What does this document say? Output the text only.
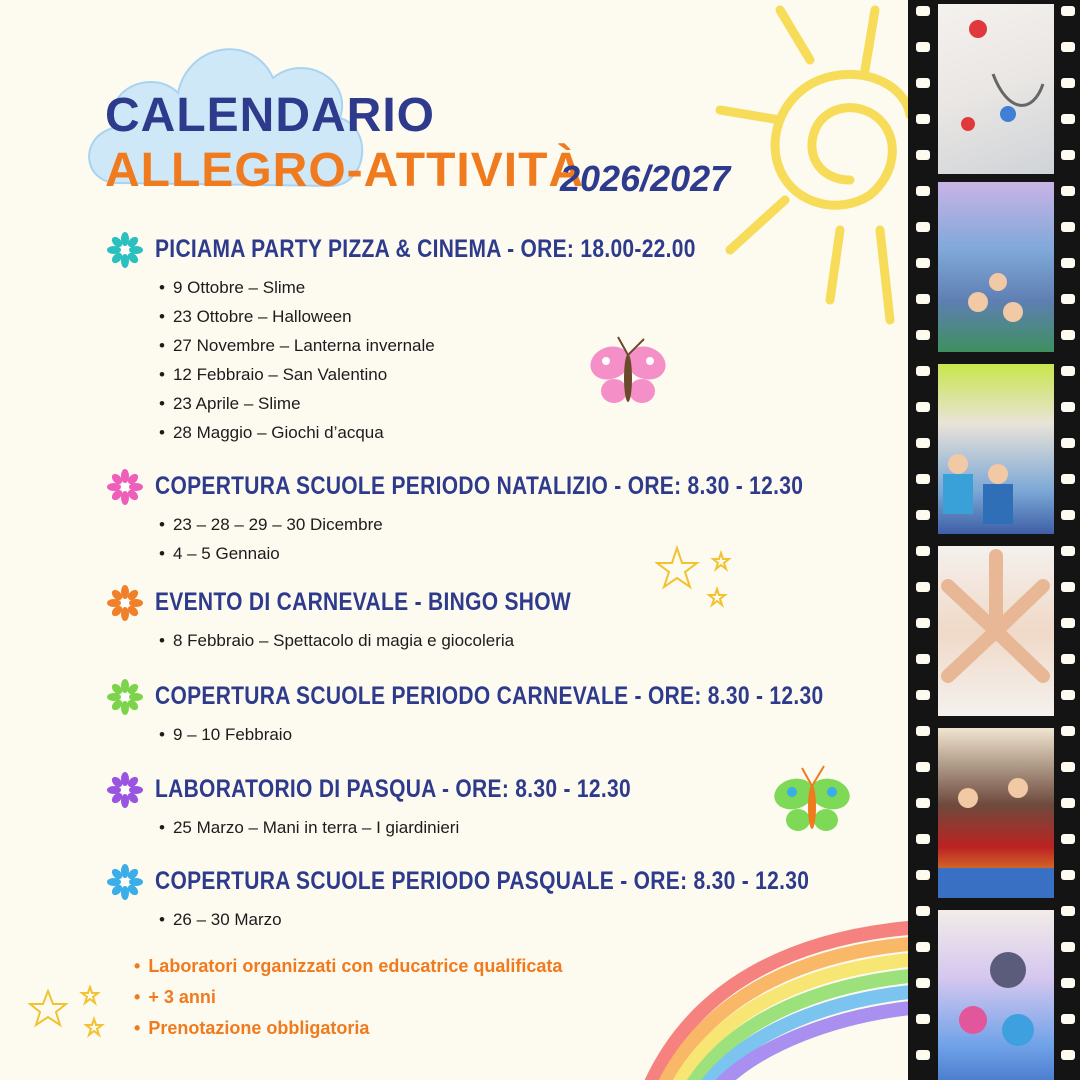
CALENDARIO ALLEGRO-ATTIVITÀ
2026/2027
PICIAMA PARTY PIZZA & CINEMA - ORE: 18.00-22.00
• 9 Ottobre – Slime
• 23 Ottobre – Halloween
• 27 Novembre – Lanterna invernale
• 12 Febbraio – San Valentino
• 23 Aprile – Slime
• 28 Maggio – Giochi d’acqua
COPERTURA SCUOLE PERIODO NATALIZIO - ORE: 8.30 - 12.30
• 23 – 28 – 29 – 30 Dicembre
• 4 – 5 Gennaio
EVENTO DI CARNEVALE - BINGO SHOW
• 8 Febbraio – Spettacolo di magia e giocoleria
COPERTURA SCUOLE PERIODO CARNEVALE - ORE: 8.30 - 12.30
• 9 – 10 Febbraio
LABORATORIO DI PASQUA - ORE: 8.30 - 12.30
• 25 Marzo – Mani in terra – I giardinieri
COPERTURA SCUOLE PERIODO PASQUALE - ORE: 8.30 - 12.30
• 26 – 30 Marzo
• Laboratori organizzati con educatrice qualificata
• + 3 anni
• Prenotazione obbligatoria
